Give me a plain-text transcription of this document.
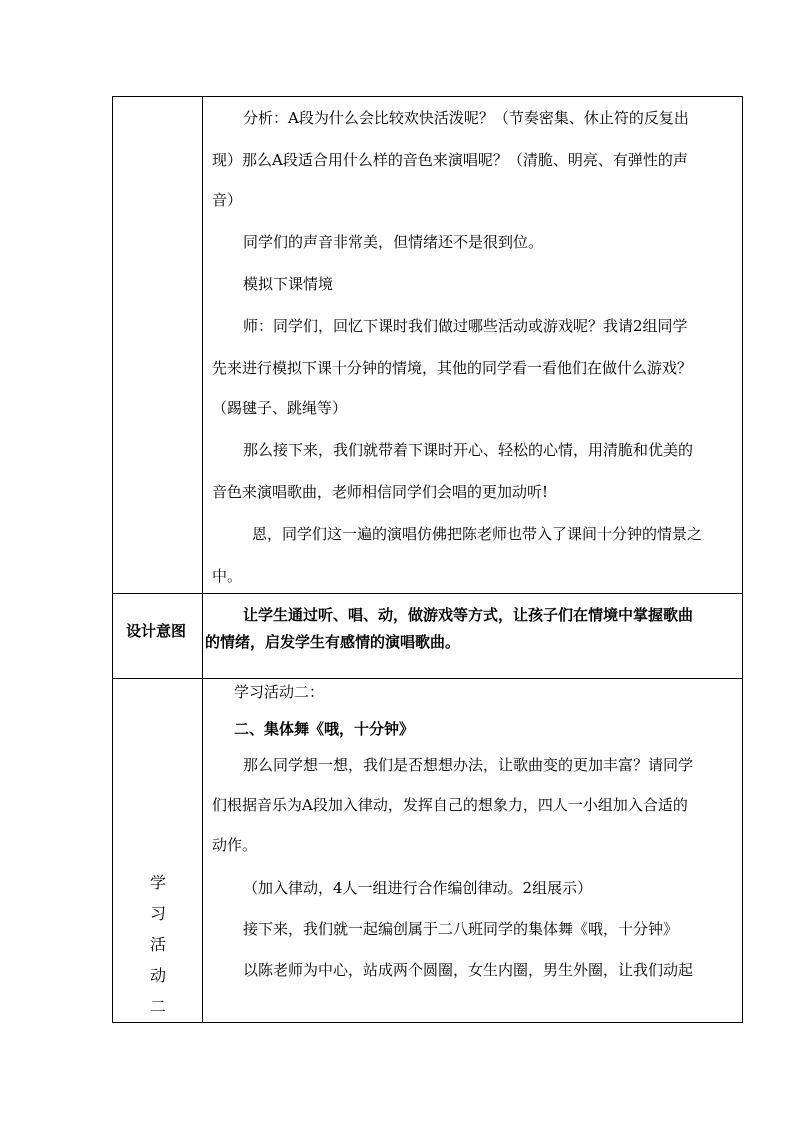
分析：A段为什么会比较欢快活泼呢？（节奏密集、休止符的反复出
现）那么A段适合用什么样的音色来演唱呢？（清脆、明亮、有弹性的声
音）
同学们的声音非常美，但情绪还不是很到位。
模拟下课情境
师：同学们，回忆下课时我们做过哪些活动或游戏呢？我请2组同学
先来进行模拟下课十分钟的情境，其他的同学看一看他们在做什么游戏？
（踢毽子、跳绳等）
那么接下来，我们就带着下课时开心、轻松的心情，用清脆和优美的
音色来演唱歌曲，老师相信同学们会唱的更加动听!
恩，同学们这一遍的演唱仿佛把陈老师也带入了课间十分钟的情景之
中。
设计意图
让学生通过听、唱、动，做游戏等方式，让孩子们在情境中掌握歌曲
的情绪，启发学生有感情的演唱歌曲。
学
习
活
动
二
学习活动二：
二、集体舞《哦，十分钟》
那么同学想一想，我们是否想想办法，让歌曲变的更加丰富？请同学
们根据音乐为A段加入律动，发挥自己的想象力，四人一小组加入合适的
动作。
（加入律动，4人一组进行合作编创律动。2组展示）
接下来，我们就一起编创属于二八班同学的集体舞《哦，十分钟》
以陈老师为中心，站成两个圆圈，女生内圈，男生外圈，让我们动起
